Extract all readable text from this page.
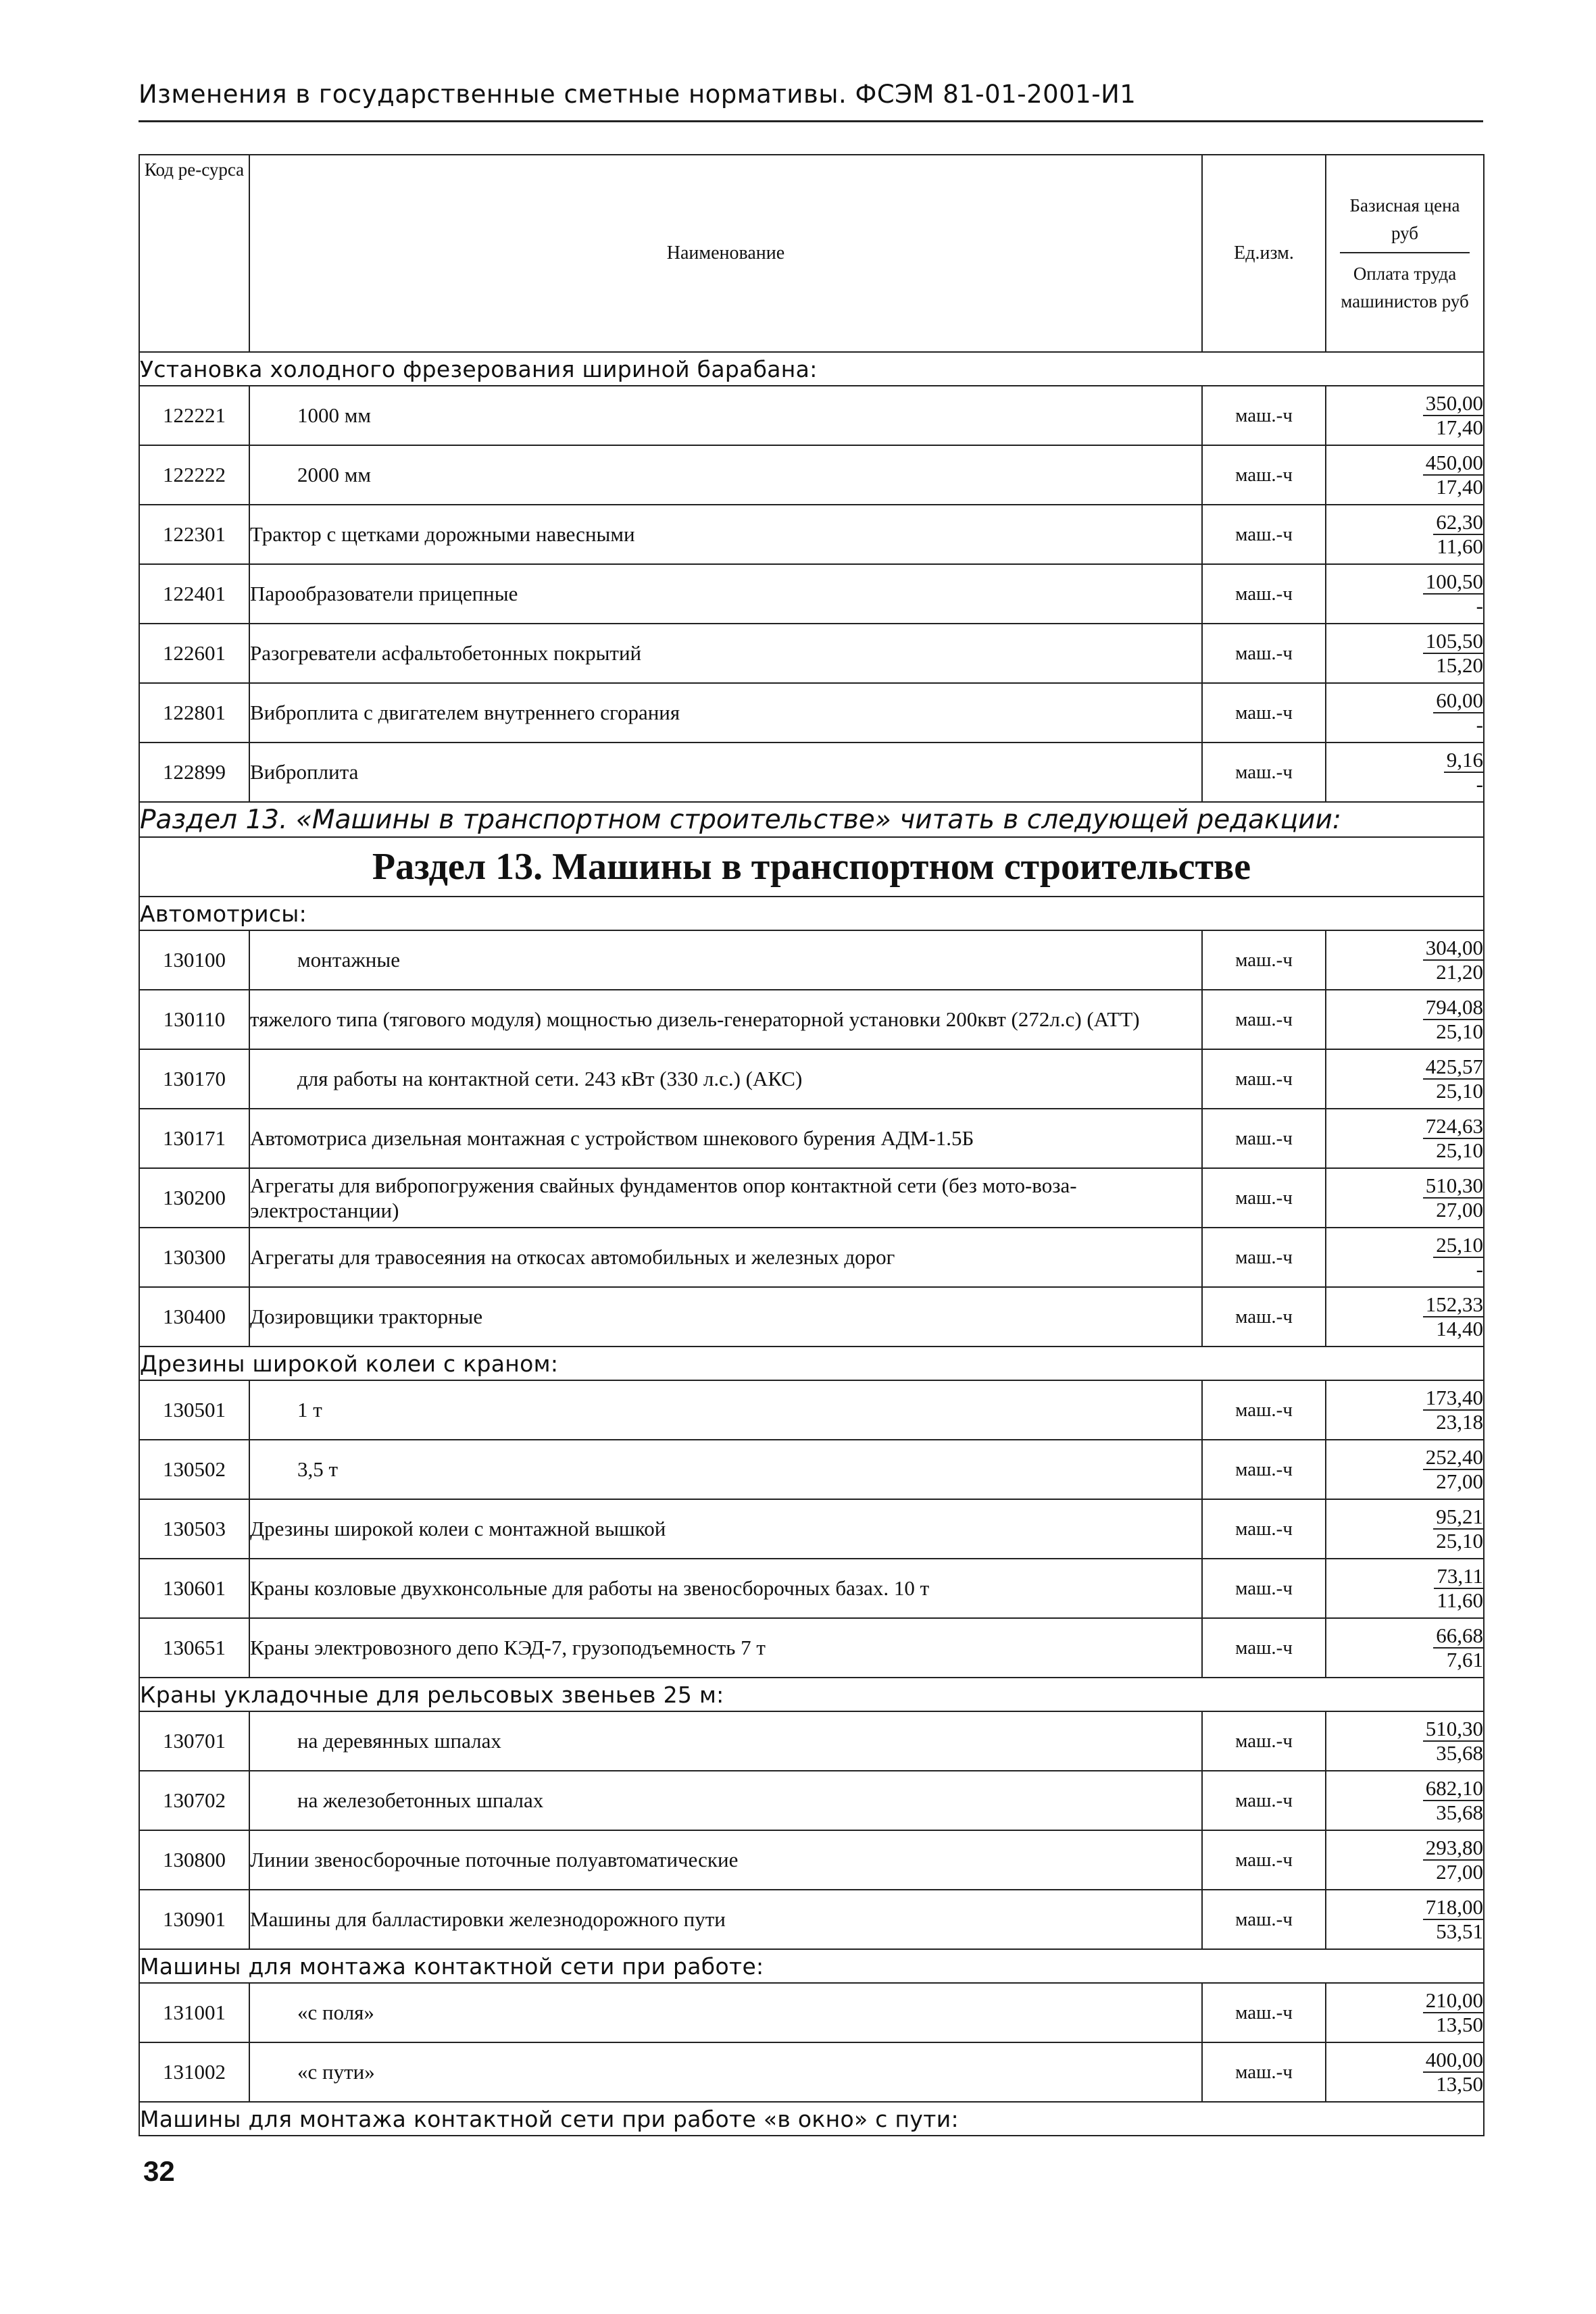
Изменения в государственные сметные нормативы. ФСЭМ 81-01-2001-И1
Код ре-сурса	Наименование	Ед.изм.	Базисная цена руб
Оплата труда машинистов руб

Установка холодного фрезерования шириной барабана:			
122221	1000 мм	маш.-ч	350,00
17,40

122222	2000 мм	маш.-ч	450,00
17,40

122301	Трактор с щетками дорожными навесными	маш.-ч	62,30
11,60

122401	Парообразователи прицепные	маш.-ч	100,50
-

122601	Разогреватели асфальтобетонных покрытий	маш.-ч	105,50
15,20

122801	Виброплита с двигателем внутреннего сгорания	маш.-ч	60,00
-

122899	Виброплита	маш.-ч	9,16
-

Раздел 13. «Машины в транспортном строительстве» читать в следующей редакции:			
Раздел 13. Машины в транспортном строительстве			
Автомотрисы:			
130100	монтажные	маш.-ч	304,00
21,20

130110	тяжелого типа (тягового модуля) мощностью дизель-генераторной установки 200квт (272л.с) (АТТ)	маш.-ч	794,08
25,10

130170	для работы на контактной сети. 243 кВт (330 л.с.) (АКС)	маш.-ч	425,57
25,10

130171	Автомотриса дизельная монтажная с устройством шнекового бурения АДМ-1.5Б	маш.-ч	724,63
25,10

130200	Агрегаты для вибропогружения свайных фундаментов опор контактной сети (без мото-воза-электростанции)	маш.-ч	510,30
27,00

130300	Агрегаты для травосеяния на откосах автомобильных и железных дорог	маш.-ч	25,10
-

130400	Дозировщики тракторные	маш.-ч	152,33
14,40

Дрезины широкой колеи с краном:			
130501	1 т	маш.-ч	173,40
23,18

130502	3,5 т	маш.-ч	252,40
27,00

130503	Дрезины широкой колеи с монтажной вышкой	маш.-ч	95,21
25,10

130601	Краны козловые двухконсольные для работы на звеносборочных базах. 10 т	маш.-ч	73,11
11,60

130651	Краны электровозного депо КЭД-7, грузоподъемность 7 т	маш.-ч	66,68
7,61

Краны укладочные для рельсовых звеньев 25 м:			
130701	на деревянных шпалах	маш.-ч	510,30
35,68

130702	на железобетонных шпалах	маш.-ч	682,10
35,68

130800	Линии звеносборочные поточные полуавтоматические	маш.-ч	293,80
27,00

130901	Машины для балластировки железнодорожного пути	маш.-ч	718,00
53,51

Машины для монтажа контактной сети при работе:			
131001	«с поля»	маш.-ч	210,00
13,50

131002	«с пути»	маш.-ч	400,00
13,50

Машины для монтажа контактной сети при работе «в окно» с пути:			
32
